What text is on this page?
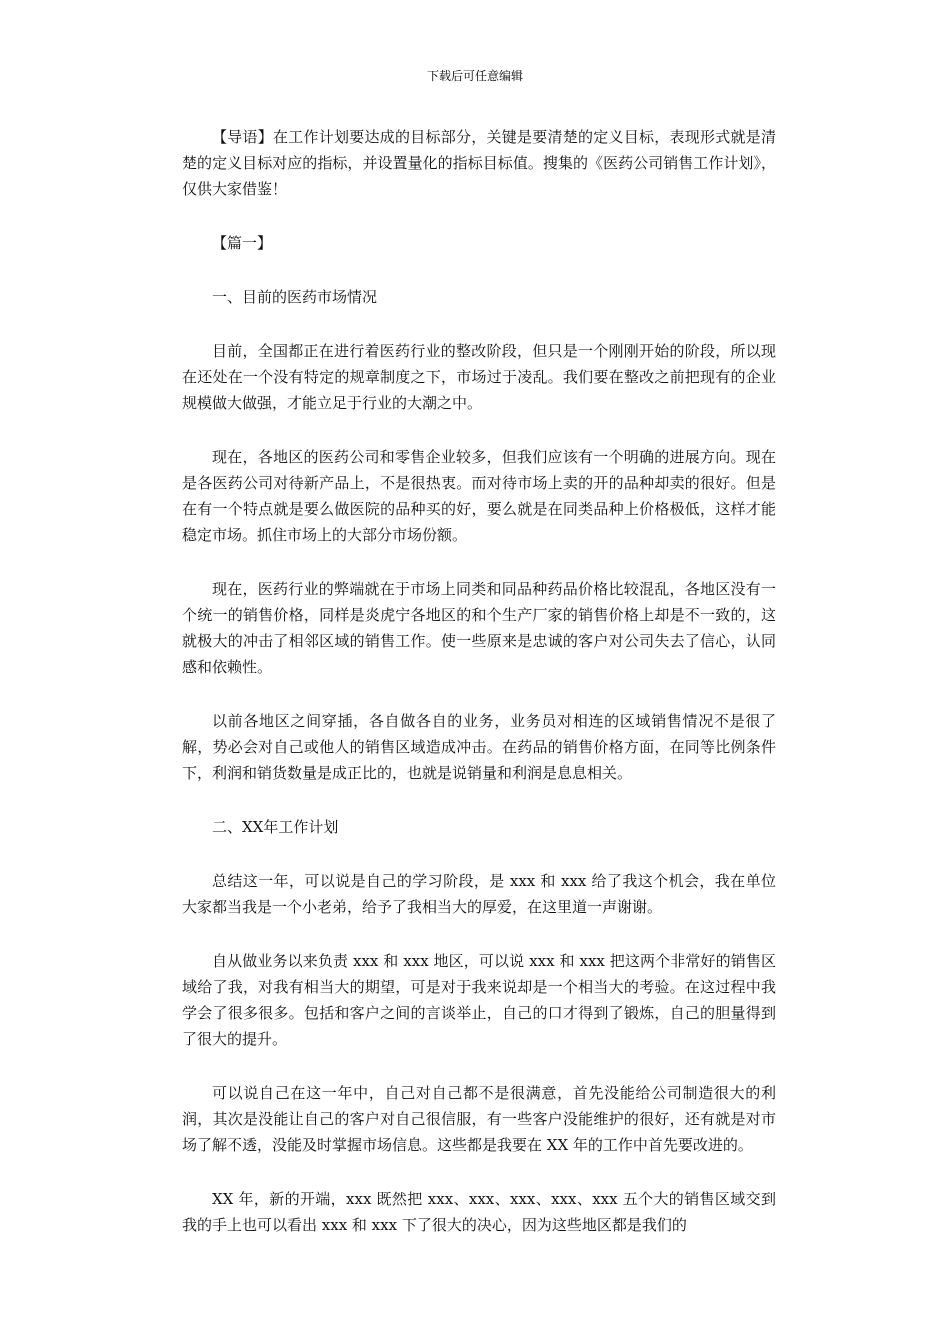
下载后可任意编辑

【导语】在工作计划要达成的目标部分，关键是要清楚的定义目标，表现形式就是清楚的定义目标对应的指标，并设置量化的指标目标值。搜集的《医药公司销售工作计划》，仅供大家借鉴！

【篇一】

一、目前的医药市场情况

目前，全国都正在进行着医药行业的整改阶段，但只是一个刚刚开始的阶段，所以现在还处在一个没有特定的规章制度之下，市场过于凌乱。我们要在整改之前把现有的企业规模做大做强，才能立足于行业的大潮之中。

现在，各地区的医药公司和零售企业较多，但我们应该有一个明确的进展方向。现在是各医药公司对待新产品上，不是很热衷。而对待市场上卖的开的品种却卖的很好。但是在有一个特点就是要么做医院的品种买的好，要么就是在同类品种上价格极低，这样才能稳定市场。抓住市场上的大部分市场份额。

现在，医药行业的弊端就在于市场上同类和同品种药品价格比较混乱，各地区没有一个统一的销售价格，同样是炎虎宁各地区的和个生产厂家的销售价格上却是不一致的，这就极大的冲击了相邻区域的销售工作。使一些原来是忠诚的客户对公司失去了信心，认同感和依赖性。

以前各地区之间穿插，各自做各自的业务，业务员对相连的区域销售情况不是很了解，势必会对自己或他人的销售区域造成冲击。在药品的销售价格方面，在同等比例条件下，利润和销货数量是成正比的，也就是说销量和利润是息息相关。

二、XX年工作计划

总结这一年，可以说是自己的学习阶段，是 xxx 和 xxx 给了我这个机会，我在单位大家都当我是一个小老弟，给予了我相当大的厚爱，在这里道一声谢谢。

自从做业务以来负责 xxx 和 xxx 地区，可以说 xxx 和 xxx 把这两个非常好的销售区域给了我，对我有相当大的期望，可是对于我来说却是一个相当大的考验。在这过程中我学会了很多很多。包括和客户之间的言谈举止，自己的口才得到了锻炼，自己的胆量得到了很大的提升。

可以说自己在这一年中，自己对自己都不是很满意，首先没能给公司制造很大的利润，其次是没能让自己的客户对自己很信服，有一些客户没能维护的很好，还有就是对市场了解不透，没能及时掌握市场信息。这些都是我要在 XX 年的工作中首先要改进的。

XX 年，新的开端，xxx 既然把 xxx、xxx、xxx、xxx、xxx 五个大的销售区域交到我的手上也可以看出 xxx 和 xxx 下了很大的决心，因为这些地区都是我们的
